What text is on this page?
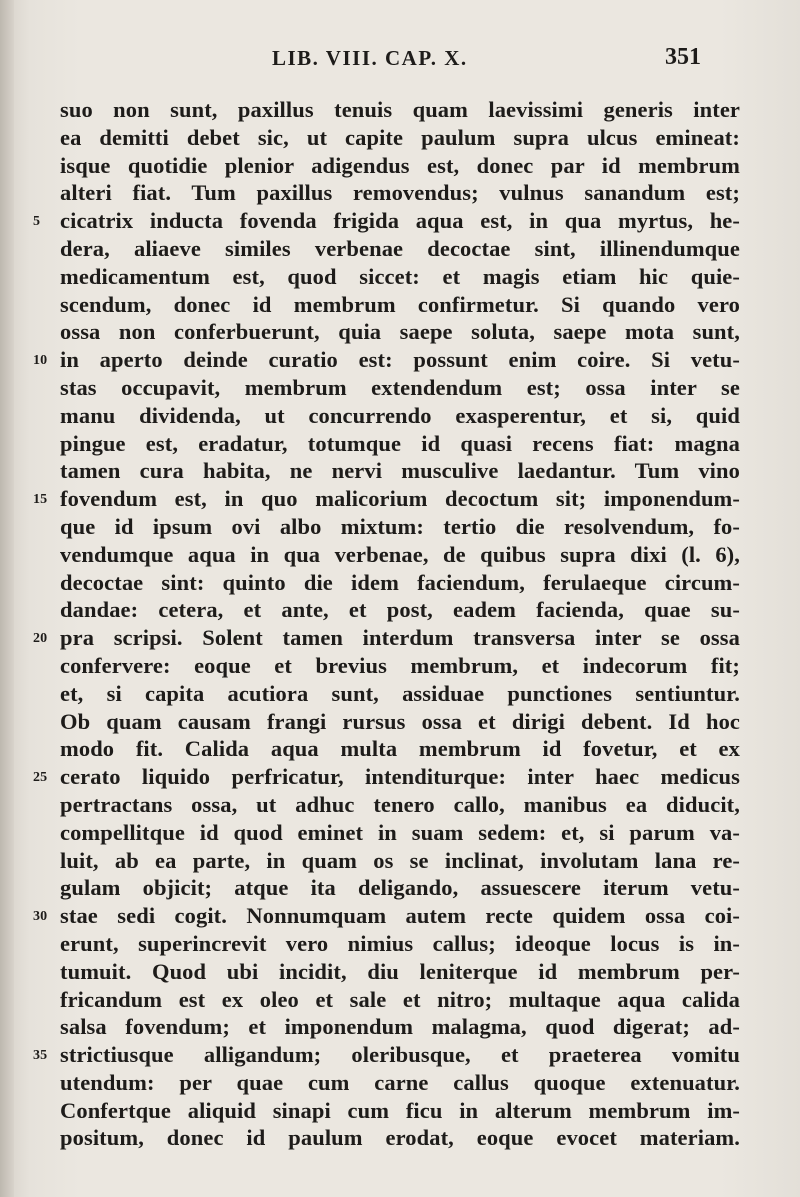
LIB. VIII. CAP. X.	351
suo non sunt, paxillus tenuis quam laevissimi generis inter
ea demitti debet sic, ut capite paulum supra ulcus emineat:
isque quotidie plenior adigendus est, donec par id membrum
alteri fiat. Tum paxillus removendus; vulnus sanandum est;
5 cicatrix inducta fovenda frigida aqua est, in qua myrtus, he-
dera, aliaeve similes verbenae decoctae sint, illinendumque
medicamentum est, quod siccet: et magis etiam hic quie-
scendum, donec id membrum confirmetur. Si quando vero
ossa non conferbuerunt, quia saepe soluta, saepe mota sunt,
10 in aperto deinde curatio est: possunt enim coire. Si vetu-
stas occupavit, membrum extendendum est; ossa inter se
manu dividenda, ut concurrendo exasperentur, et si, quid
pingue est, eradatur, totumque id quasi recens fiat: magna
tamen cura habita, ne nervi musculive laedantur. Tum vino
15 fovendum est, in quo malicorium decoctum sit; imponendum-
que id ipsum ovi albo mixtum: tertio die resolvendum, fo-
vendumque aqua in qua verbenae, de quibus supra dixi (l. 6),
decoctae sint: quinto die idem faciendum, ferulaeque circum-
dandae: cetera, et ante, et post, eadem facienda, quae su-
20 pra scripsi. Solent tamen interdum transversa inter se ossa
confervere: eoque et brevius membrum, et indecorum fit;
et, si capita acutiora sunt, assiduae punctiones sentiuntur.
Ob quam causam frangi rursus ossa et dirigi debent. Id hoc
modo fit. Calida aqua multa membrum id fovetur, et ex
25 cerato liquido perfricatur, intenditurque: inter haec medicus
pertractans ossa, ut adhuc tenero callo, manibus ea diducit,
compellitque id quod eminet in suam sedem: et, si parum va-
luit, ab ea parte, in quam os se inclinat, involutam lana re-
gulam objicit; atque ita deligando, assuescere iterum vetu-
30 stae sedi cogit. Nonnumquam autem recte quidem ossa coi-
erunt, superincrevit vero nimius callus; ideoque locus is in-
tumuit. Quod ubi incidit, diu leniterque id membrum per-
fricandum est ex oleo et sale et nitro; multaque aqua calida
salsa fovendum; et imponendum malagma, quod digerat; ad-
35 strictiusque alligandum; oleribusque, et praeterea vomitu
utendum: per quae cum carne callus quoque extenuatur.
Confertque aliquid sinapi cum ficu in alterum membrum im-
positum, donec id paulum erodat, eoque evocet materiam.
